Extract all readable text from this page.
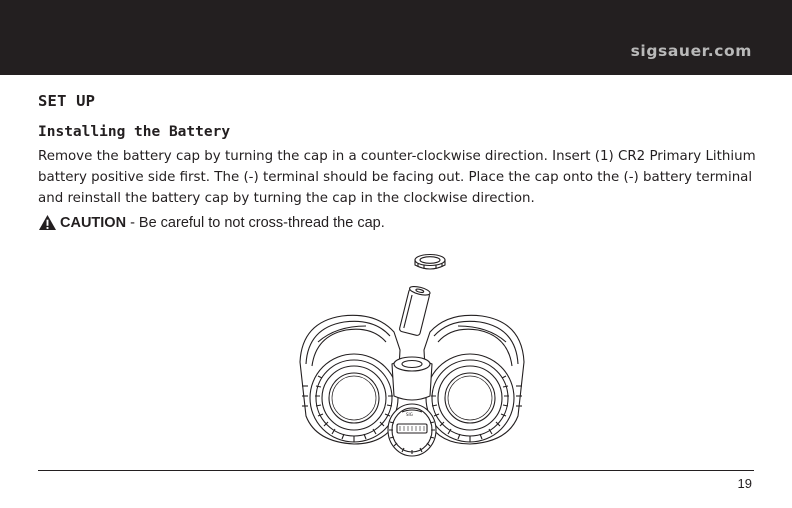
sigsauer.com
SET UP
Installing the Battery
Remove the battery cap by turning the cap in a counter-clockwise direction. Insert (1) CR2 Primary Lithium battery positive side first. The (-) terminal should be facing out. Place the cap onto the (-) battery terminal and reinstall the battery cap by turning the cap in the clockwise direction.
CAUTION - Be careful to not cross-thread the cap.
SIG
19
